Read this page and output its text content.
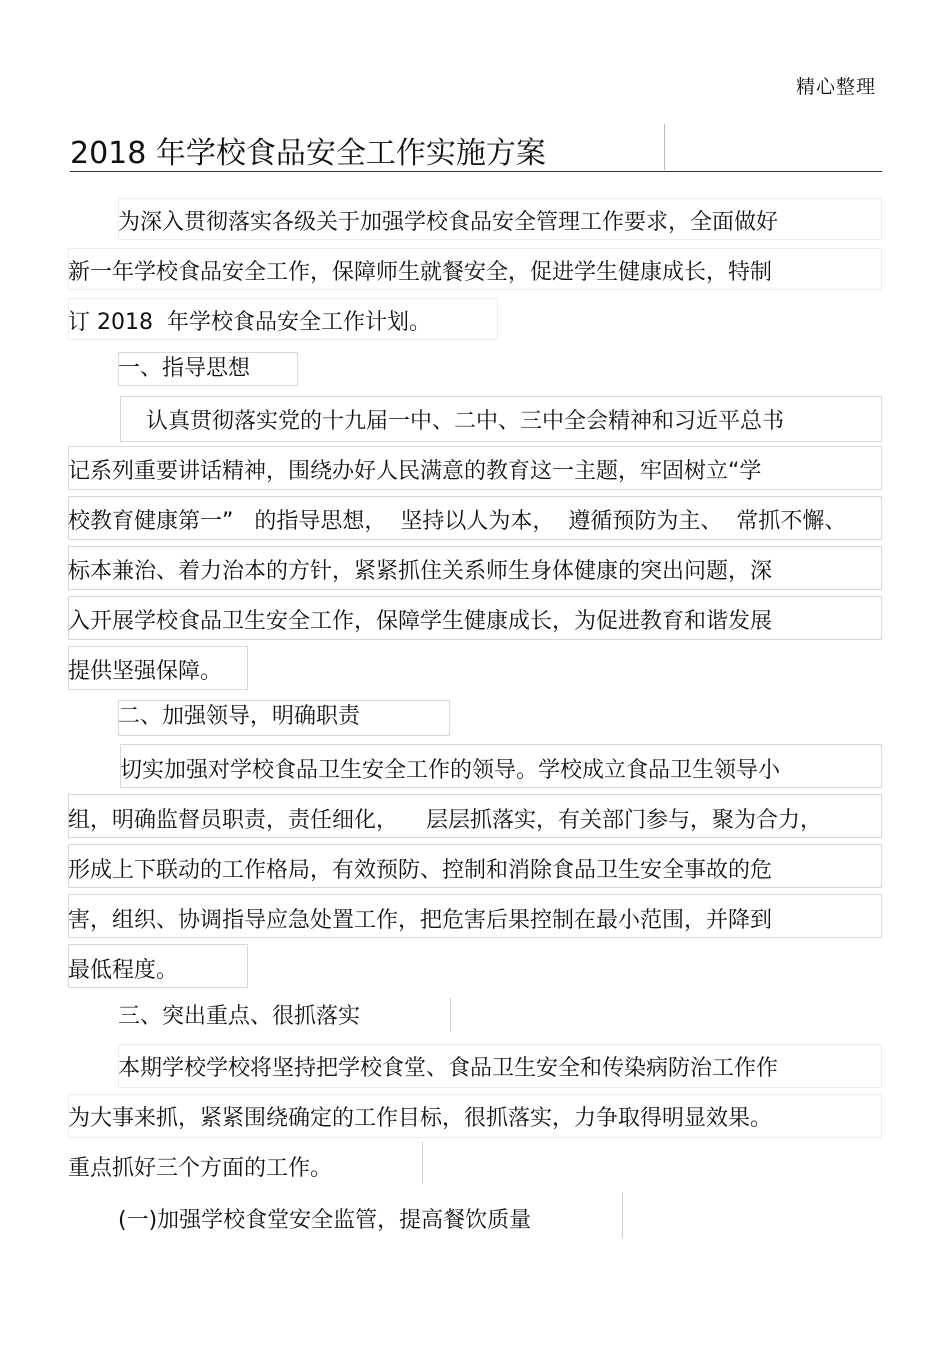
精心整理
2018 年学校食品安全工作实施方案
为深入贯彻落实各级关于加强学校食品安全管理工作要求，全面做好
新一年学校食品安全工作，保障师生就餐安全，促进学生健康成长，特制
订 2018  年学校食品安全工作计划。
一、指导思想
认真贯彻落实党的十九届一中、二中、三中全会精神和习近平总书
记系列重要讲话精神，围绕办好人民满意的教育这一主题，牢固树立“学
校教育健康第一”   的指导思想，  坚持以人为本，  遵循预防为主、  常抓不懈、
标本兼治、着力治本的方针，紧紧抓住关系师生身体健康的突出问题，深
入开展学校食品卫生安全工作，保障学生健康成长，为促进教育和谐发展
提供坚强保障。
二、加强领导，明确职责
切实加强对学校食品卫生安全工作的领导。学校成立食品卫生领导小
组，明确监督员职责，责任细化，    层层抓落实，有关部门参与，聚为合力，
形成上下联动的工作格局，有效预防、控制和消除食品卫生安全事故的危
害，组织、协调指导应急处置工作，把危害后果控制在最小范围，并降到
最低程度。
三、突出重点、很抓落实
本期学校学校将坚持把学校食堂、食品卫生安全和传染病防治工作作
为大事来抓，紧紧围绕确定的工作目标，很抓落实，力争取得明显效果。
重点抓好三个方面的工作。
(一)加强学校食堂安全监管，提高餐饮质量
